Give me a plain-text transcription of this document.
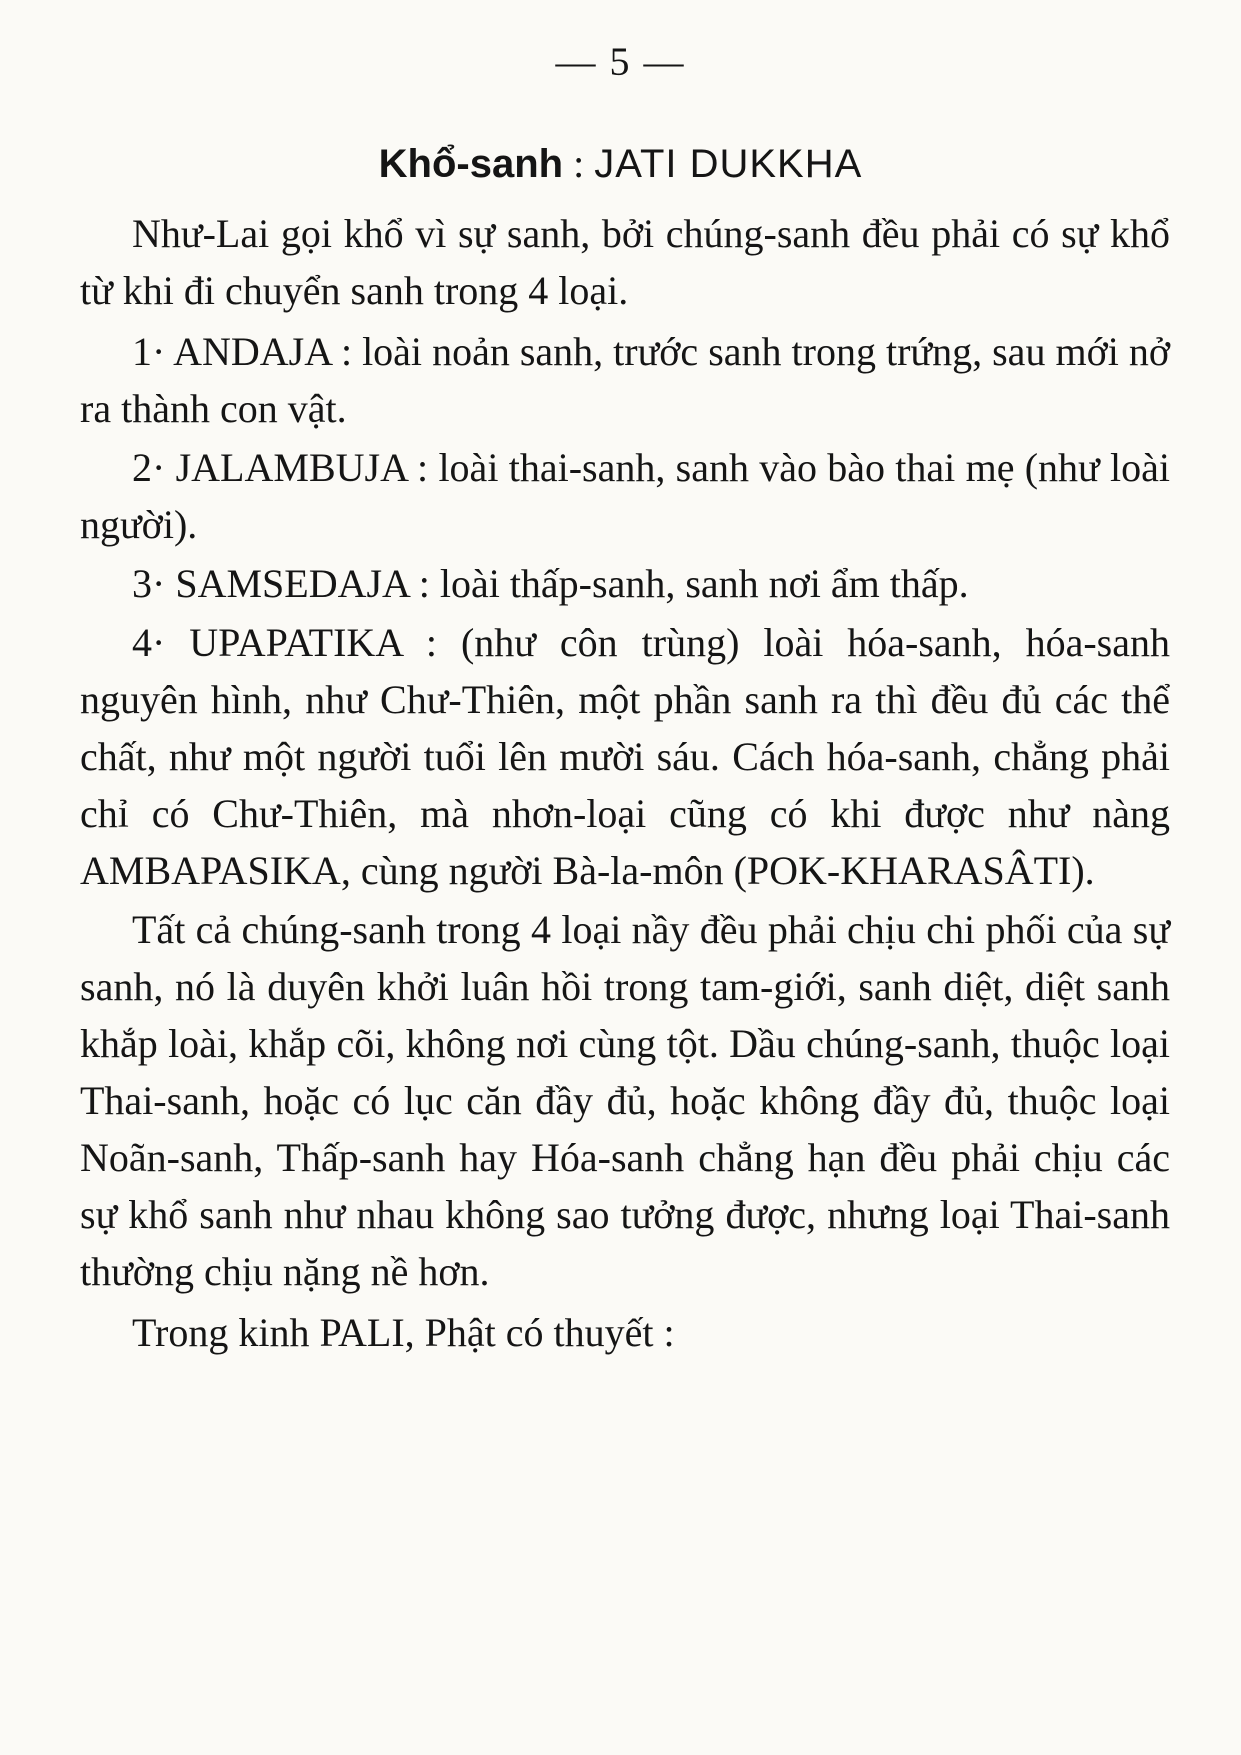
— 5 —
Khổ-sanh : JATI DUKKHA

Như-Lai gọi khổ vì sự sanh, bởi chúng-sanh đều phải có sự khổ từ khi đi chuyển sanh trong 4 loại.

1· ANDAJA : loài noản sanh, trước sanh trong trứng, sau mới nở ra thành con vật.

2· JALAMBUJA : loài thai-sanh, sanh vào bào thai mẹ (như loài người).

3· SAMSEDAJA : loài thấp-sanh, sanh nơi ẩm thấp.

4· UPAPATIKA : (như côn trùng) loài hóa-sanh, hóa-sanh nguyên hình, như Chư-Thiên, một phần sanh ra thì đều đủ các thể chất, như một người tuổi lên mười sáu. Cách hóa-sanh, chẳng phải chỉ có Chư-Thiên, mà nhơn-loại cũng có khi được như nàng AMBAPASIKA, cùng người Bà-la-môn (POK-KHARASÂTI).

Tất cả chúng-sanh trong 4 loại nầy đều phải chịu chi phối của sự sanh, nó là duyên khởi luân hồi trong tam-giới, sanh diệt, diệt sanh khắp loài, khắp cõi, không nơi cùng tột. Dầu chúng-sanh, thuộc loại Thai-sanh, hoặc có lục căn đầy đủ, hoặc không đầy đủ, thuộc loại Noãn-sanh, Thấp-sanh hay Hóa-sanh chẳng hạn đều phải chịu các sự khổ sanh như nhau không sao tưởng được, nhưng loại Thai-sanh thường chịu nặng nề hơn.

Trong kinh PALI, Phật có thuyết :
